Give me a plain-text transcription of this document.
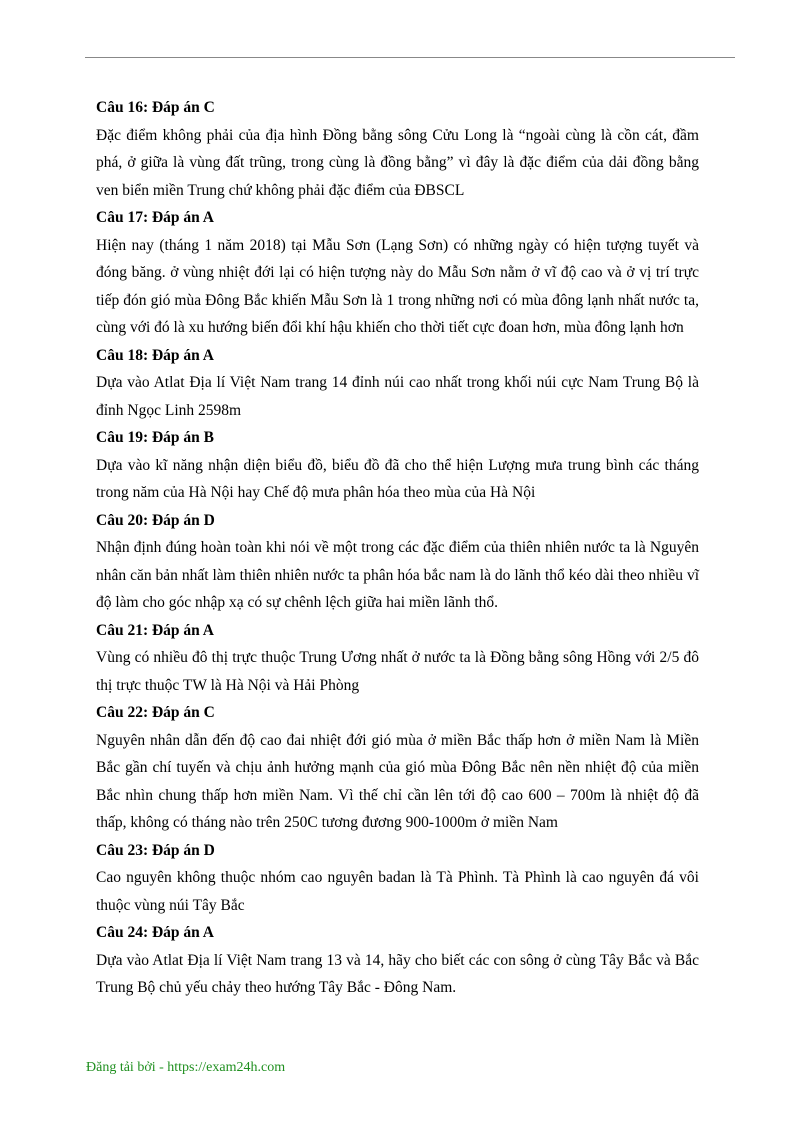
Câu 16: Đáp án C

Đặc điểm không phải của địa hình Đồng bằng sông Cửu Long là “ngoài cùng là cồn cát, đầm phá, ở giữa là vùng đất trũng, trong cùng là đồng bằng” vì đây là đặc điểm của dải đồng bằng ven biển miền Trung chứ không phải đặc điểm của ĐBSCL

Câu 17: Đáp án A

Hiện nay (tháng 1 năm 2018) tại Mẫu Sơn (Lạng Sơn) có những ngày có hiện tượng tuyết và đóng băng. ở vùng nhiệt đới lại có hiện tượng này do Mẫu Sơn nằm ở vĩ độ cao và ở vị trí trực tiếp đón gió mùa Đông Bắc khiến Mẫu Sơn là 1 trong những nơi có mùa đông lạnh nhất nước ta, cùng với đó là xu hướng biến đổi khí hậu khiến cho thời tiết cực đoan hơn, mùa đông lạnh hơn

Câu 18: Đáp án A

Dựa vào Atlat Địa lí Việt Nam trang 14 đỉnh núi cao nhất trong khối núi cực Nam Trung Bộ là đỉnh Ngọc Linh 2598m

Câu 19: Đáp án B

Dựa vào kĩ năng nhận diện biểu đồ, biểu đồ đã cho thể hiện Lượng mưa trung bình các tháng trong năm của Hà Nội hay Chế độ mưa phân hóa theo mùa của Hà Nội

Câu 20: Đáp án D

Nhận định đúng hoàn toàn khi nói về một trong các đặc điểm của thiên nhiên nước ta là Nguyên nhân căn bản nhất làm thiên nhiên nước ta phân hóa bắc nam là do lãnh thổ kéo dài theo nhiều vĩ độ làm cho góc nhập xạ có sự chênh lệch giữa hai miền lãnh thổ.

Câu 21: Đáp án A

Vùng có nhiều đô thị trực thuộc Trung Ương nhất ở nước ta là Đồng bằng sông Hồng với 2/5 đô thị trực thuộc TW là Hà Nội và Hải Phòng

Câu 22: Đáp án C

Nguyên nhân dẫn đến độ cao đai nhiệt đới gió mùa ở miền Bắc thấp hơn ở miền Nam là Miền Bắc gần chí tuyến và chịu ảnh hưởng mạnh của gió mùa Đông Bắc nên nền nhiệt độ của miền Bắc nhìn chung thấp hơn miền Nam. Vì thế chỉ cần lên tới độ cao 600 – 700m là nhiệt độ đã thấp, không có tháng nào trên 250C tương đương 900-1000m ở miền Nam

Câu 23: Đáp án D

Cao nguyên không thuộc nhóm cao nguyên badan là Tà Phình. Tà Phình là cao nguyên đá vôi thuộc vùng núi Tây Bắc

Câu 24: Đáp án A

Dựa vào Atlat Địa lí Việt Nam trang 13 và 14, hãy cho biết các con sông ở cùng Tây Bắc và Bắc Trung Bộ chủ yếu chảy theo hướng Tây Bắc - Đông Nam.

Đăng tải bởi - https://exam24h.com
